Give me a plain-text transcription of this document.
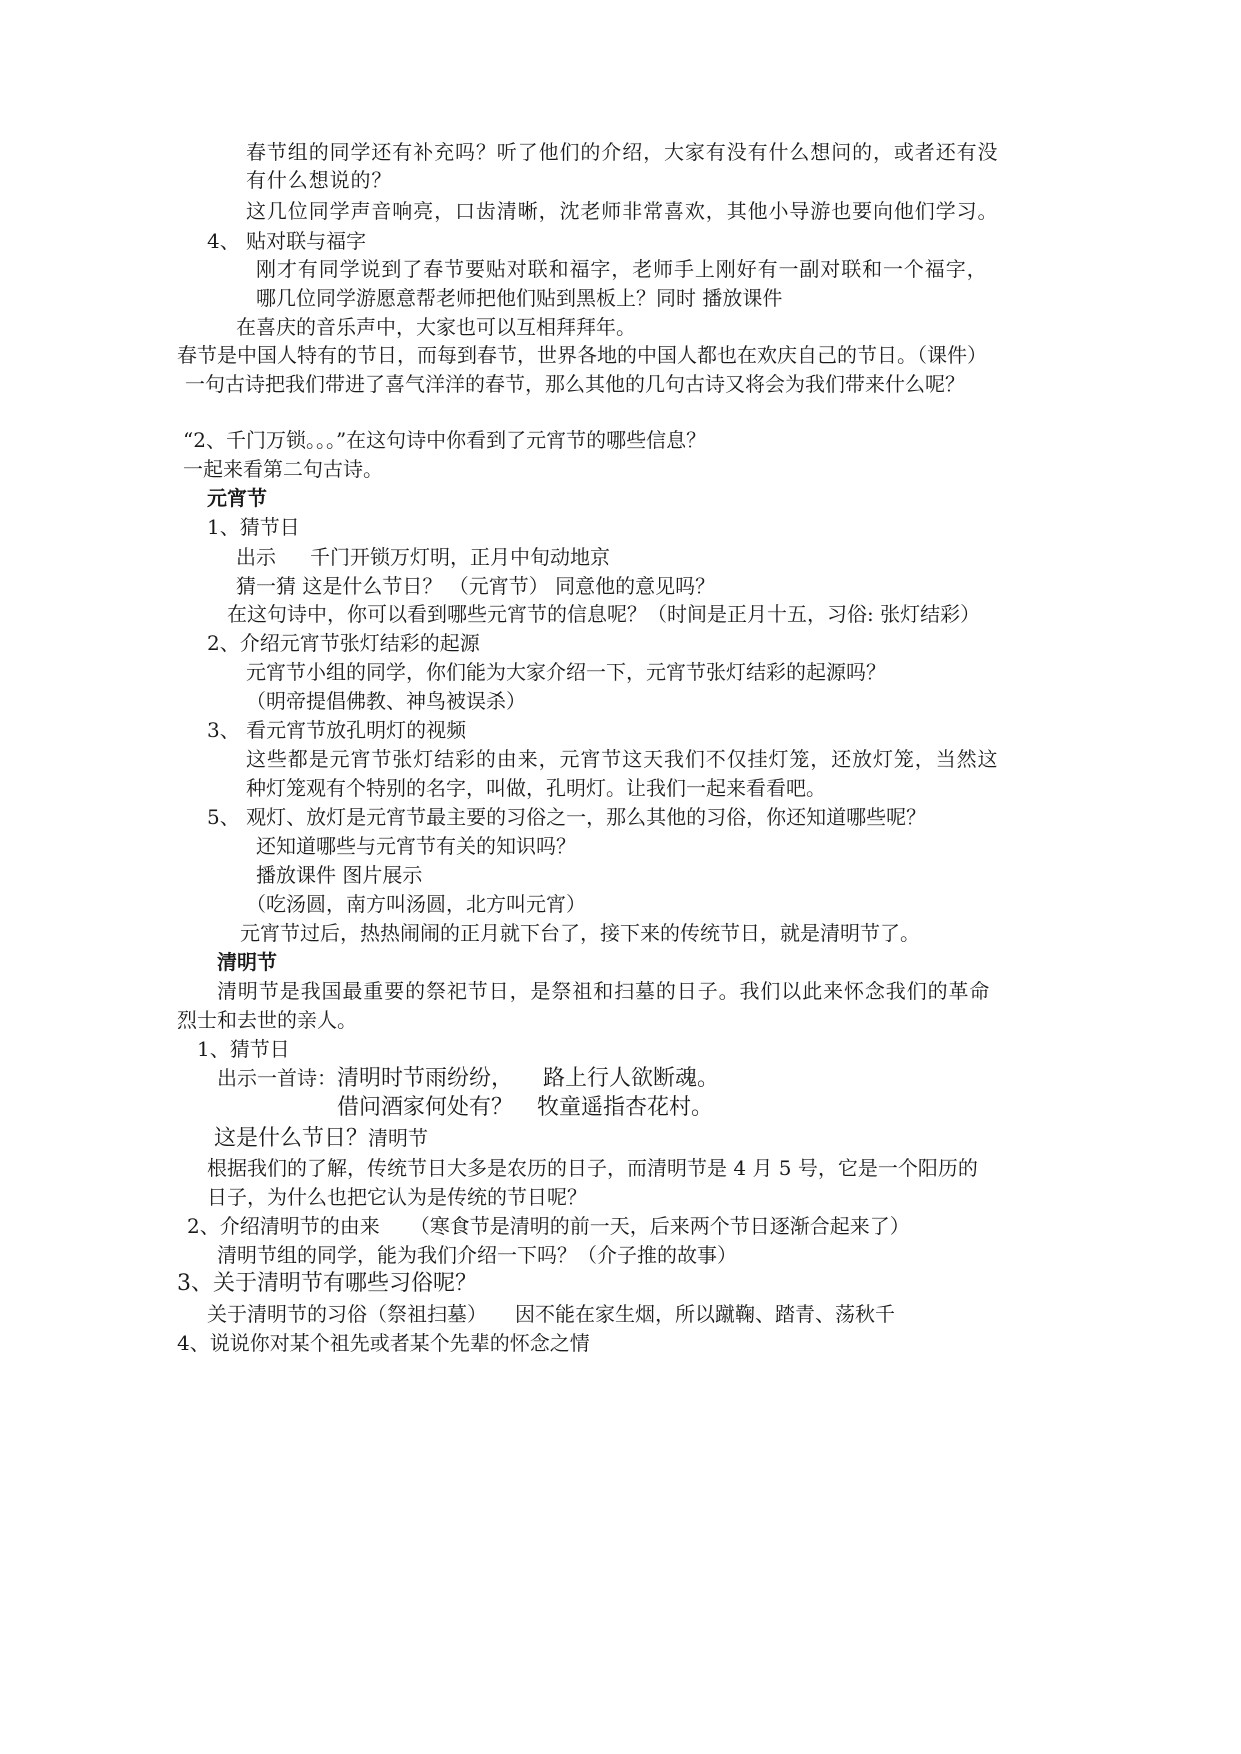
春节组的同学还有补充吗？听了他们的介绍，大家有没有什么想问的，或者还有没
有什么想说的？
这几位同学声音响亮，口齿清晰，沈老师非常喜欢，其他小导游也要向他们学习。
4、 贴对联与福字
刚才有同学说到了春节要贴对联和福字，老师手上刚好有一副对联和一个福字，
哪几位同学游愿意帮老师把他们贴到黑板上？同时 播放课件
在喜庆的音乐声中，大家也可以互相拜拜年。
春节是中国人特有的节日，而每到春节，世界各地的中国人都也在欢庆自己的节日。（课件）
一句古诗把我们带进了喜气洋洋的春节，那么其他的几句古诗又将会为我们带来什么呢？
“2、千门万锁。。。”在这句诗中你看到了元宵节的哪些信息？
一起来看第二句古诗。
元宵节
1、猜节日
出示 千门开锁万灯明，正月中旬动地京
猜一猜 这是什么节日？ （元宵节） 同意他的意见吗？
在这句诗中，你可以看到哪些元宵节的信息呢？（时间是正月十五，习俗: 张灯结彩）
2、介绍元宵节张灯结彩的起源
元宵节小组的同学，你们能为大家介绍一下，元宵节张灯结彩的起源吗？
（明帝提倡佛教、神鸟被误杀）
3、 看元宵节放孔明灯的视频
这些都是元宵节张灯结彩的由来，元宵节这天我们不仅挂灯笼，还放灯笼，当然这
种灯笼观有个特别的名字，叫做，孔明灯。让我们一起来看看吧。
5、 观灯、放灯是元宵节最主要的习俗之一，那么其他的习俗，你还知道哪些呢？
还知道哪些与元宵节有关的知识吗？
播放课件 图片展示
（吃汤圆，南方叫汤圆，北方叫元宵）
元宵节过后，热热闹闹的正月就下台了，接下来的传统节日，就是清明节了。
清明节
清明节是我国最重要的祭祀节日，是祭祖和扫墓的日子。我们以此来怀念我们的革命
烈士和去世的亲人。
1、猜节日
出示一首诗：清明时节雨纷纷， 路上行人欲断魂。
借问酒家何处有？ 牧童遥指杏花村。
这是什么节日？清明节
根据我们的了解，传统节日大多是农历的日子，而清明节是 4 月 5 号，它是一个阳历的
日子，为什么也把它认为是传统的节日呢？
2、介绍清明节的由来 （寒食节是清明的前一天，后来两个节日逐渐合起来了）
清明节组的同学，能为我们介绍一下吗？（介子推的故事）
3、关于清明节有哪些习俗呢？
关于清明节的习俗（祭祖扫墓） 因不能在家生烟，所以蹴鞠、踏青、荡秋千
4、说说你对某个祖先或者某个先辈的怀念之情
